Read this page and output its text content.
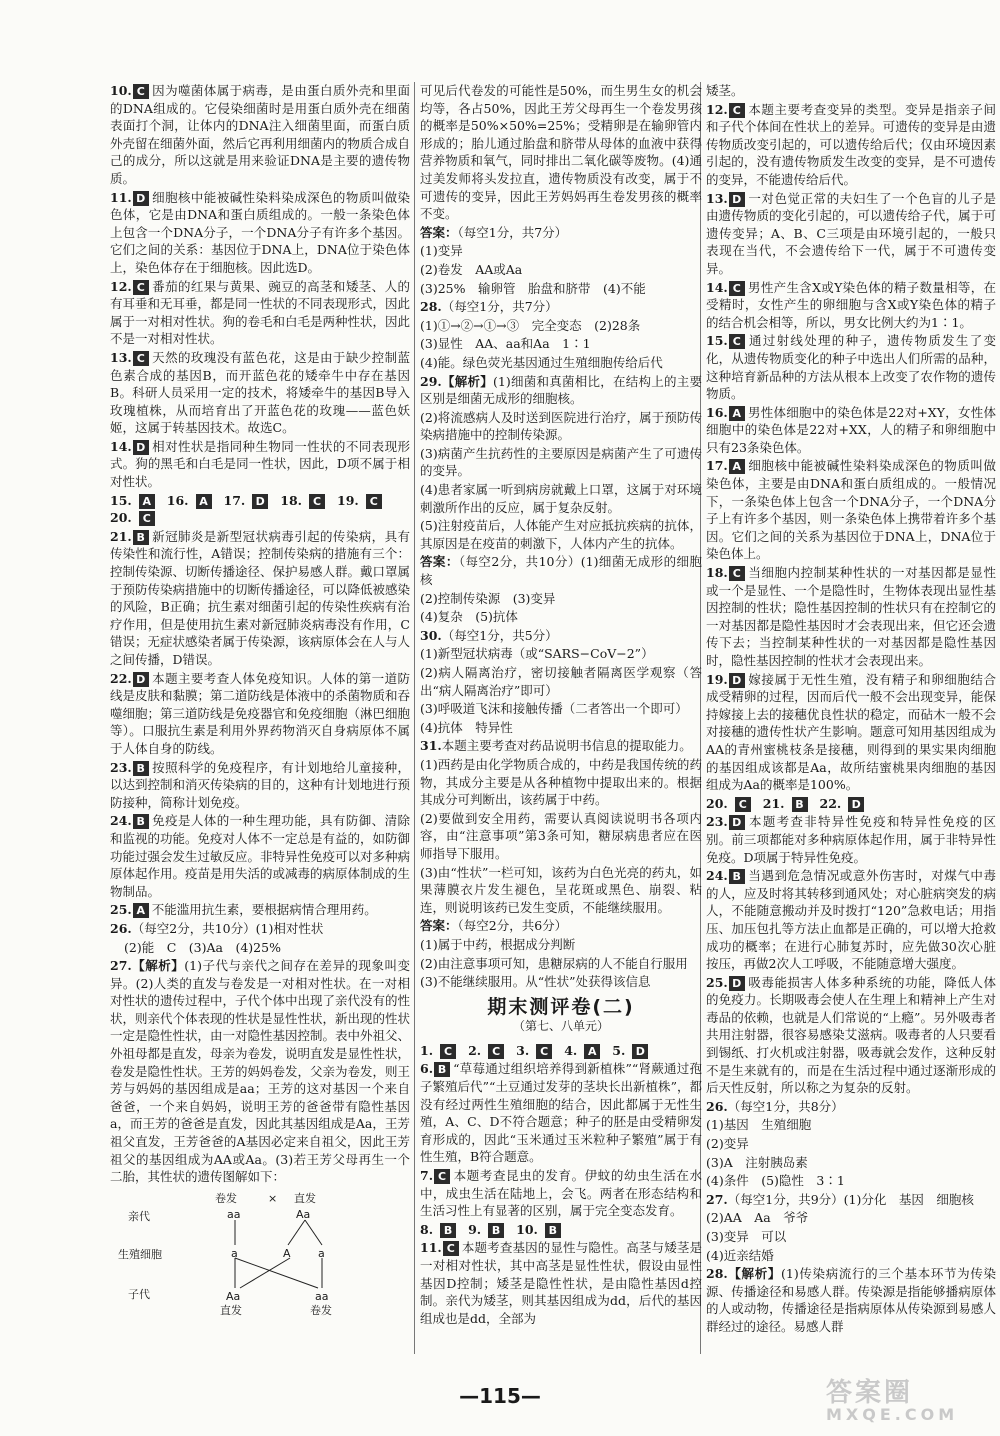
10. C 因为噬菌体属于病毒，是由蛋白质外壳和里面的DNA组成的。它侵染细菌时是用蛋白质外壳在细菌表面打个洞，让体内的DNA注入细菌里面，而蛋白质外壳留在细菌外面，然后它再利用细菌内的物质合成自己的成分，所以这就是用来验证DNA是主要的遗传物质。
11. D 细胞核中能被碱性染料染成深色的物质叫做染色体，它是由DNA和蛋白质组成的。一般一条染色体上包含一个DNA分子，一个DNA分子有许多个基因。它们之间的关系：基因位于DNA上，DNA位于染色体上，染色体存在于细胞核。因此选D。
12. C 番茄的红果与黄果、豌豆的高茎和矮茎、人的有耳垂和无耳垂，都是同一性状的不同表现形式，因此属于一对相对性状。狗的卷毛和白毛是两种性状，因此不是一对相对性状。
13. C 天然的玫瑰没有蓝色花，这是由于缺少控制蓝色素合成的基因B，而开蓝色花的矮牵牛中存在基因B。科研人员采用一定的技术，将矮牵牛的基因B导入玫瑰植株，从而培育出了开蓝色花的玫瑰——蓝色妖姬，这属于转基因技术。故选C。
14. D 相对性状是指同种生物同一性状的不同表现形式。狗的黑毛和白毛是同一性状，因此，D项不属于相对性状。
15. A 16. A 17. D 18. C 19. C20. C
21. B 新冠肺炎是新型冠状病毒引起的传染病，具有传染性和流行性，A错误；控制传染病的措施有三个：控制传染源、切断传播途径、保护易感人群。戴口罩属于预防传染病措施中的切断传播途径，可以降低被感染的风险，B正确；抗生素对细菌引起的传染性疾病有治疗作用，但是使用抗生素对新冠肺炎病毒没有作用，C错误；无症状感染者属于传染源，该病原体会在人与人之间传播，D错误。
22. D 本题主要考查人体免疫知识。人体的第一道防线是皮肤和黏膜；第二道防线是体液中的杀菌物质和吞噬细胞；第三道防线是免疫器官和免疫细胞（淋巴细胞等）。口服抗生素是利用外界药物消灭自身病原体不属于人体自身的防线。
23. B 按照科学的免疫程序，有计划地给儿童接种，以达到控制和消灭传染病的目的，这种有计划地进行预防接种，简称计划免疫。
24. B 免疫是人体的一种生理功能，具有防御、清除和监视的功能。免疫对人体不一定总是有益的，如防御功能过强会发生过敏反应。非特异性免疫可以对多种病原体起作用。疫苗是用失活的或减毒的病原体制成的生物制品。
25. A 不能滥用抗生素，要根据病情合理用药。
26.（每空2分，共10分）(1)相对性状
(2)能　C　(3)Aa　(4)25%
27.【解析】(1)子代与亲代之间存在差异的现象叫变异。(2)人类的直发与卷发是一对相对性状。在一对相对性状的遗传过程中，子代个体中出现了亲代没有的性状，则亲代个体表现的性状是显性性状，新出现的性状一定是隐性性状，由一对隐性基因控制。表中外祖父、外祖母都是直发，母亲为卷发，说明直发是显性性状，卷发是隐性性状。王芳的妈妈卷发，父亲为卷发，则王芳与妈妈的基因组成是aa；王芳的这对基因一个来自爸爸，一个来自妈妈，说明王芳的爸爸带有隐性基因a，而王芳的爸爸是直发，因此其基因组成是Aa，王芳祖父直发，王芳爸爸的A基因必定来自祖父，因此王芳祖父的基因组成为AA或Aa。(3)若王芳父母再生一个二胎，其性状的遗传图解如下：
卷发	× 直发
亲代	aa	Aa
生殖细胞	a	A a
子代	Aa	aa
直发	卷发
可见后代卷发的可能性是50%，而生男生女的机会均等，各占50%，因此王芳父母再生一个卷发男孩的概率是50%×50%=25%；受精卵是在输卵管内形成的；胎儿通过胎盘和脐带从母体的血液中获得营养物质和氧气，同时排出二氧化碳等废物。(4)通过美发师将头发拉直，遗传物质没有改变，属于不可遗传的变异，因此王芳妈妈再生卷发男孩的概率不变。
答案：（每空1分，共7分）
(1)变异
(2)卷发　AA或Aa
(3)25%　输卵管　胎盘和脐带　(4)不能
28.（每空1分，共7分）
(1)①→②→①→③　完全变态　(2)28条
(3)显性　AA、aa和Aa　1∶1
(4)能。绿色荧光基因通过生殖细胞传给后代
29.【解析】(1)细菌和真菌相比，在结构上的主要区别是细菌无成形的细胞核。
(2)将流感病人及时送到医院进行治疗，属于预防传染病措施中的控制传染源。
(3)病菌产生抗药性的主要原因是病菌产生了可遗传的变异。
(4)患者家属一听到病房就戴上口罩，这属于对环境刺激所作出的反应，属于复杂反射。
(5)注射疫苗后，人体能产生对应抵抗疾病的抗体，其原因是在疫苗的刺激下，人体内产生的抗体。
答案：（每空2分，共10分）(1)细菌无成形的细胞核
(2)控制传染源　(3)变异
(4)复杂　(5)抗体
30.（每空1分，共5分）
(1)新型冠状病毒（或“SARS−CoV−2”）
(2)病人隔离治疗，密切接触者隔离医学观察（答出“病人隔离治疗”即可）
(3)呼吸道飞沫和接触传播（二者答出一个即可）
(4)抗体　特异性
31.本题主要考查对药品说明书信息的提取能力。
(1)西药是由化学物质合成的，中药是我国传统的药物，其成分主要是从各种植物中提取出来的。根据其成分可判断出，该药属于中药。
(2)要做到安全用药，需要认真阅读说明书各项内容，由“注意事项”第3条可知，糖尿病患者应在医师指导下服用。
(3)由“性状”一栏可知，该药为白色光亮的药丸，如果薄膜衣片发生褪色，呈花斑或黑色、崩裂、粘连，则说明该药已发生变质，不能继续服用。
答案：（每空2分，共6分）
(1)属于中药，根据成分判断
(2)由注意事项可知，患糖尿病的人不能自行服用
(3)不能继续服用。从“性状”处获得该信息
期末测评卷(二)
（第七、八单元）
1. C 2. C 3. C 4. A 5. D
6. B “草莓通过组织培养得到新植株”“肾蕨通过孢子繁殖后代”“土豆通过发芽的茎块长出新植株”，都没有经过两性生殖细胞的结合，因此都属于无性生殖，A、C、D不符合题意；种子的胚是由受精卵发育形成的，因此“玉米通过玉米粒种子繁殖”属于有性生殖，B符合题意。
7. C 本题考查昆虫的发育。伊蚊的幼虫生活在水中，成虫生活在陆地上，会飞。两者在形态结构和生活习性上有显著的区别，属于完全变态发育。
8. B 9. B 10. B
11. C 本题考查基因的显性与隐性。高茎与矮茎是一对相对性状，其中高茎是显性性状，假设由显性基因D控制；矮茎是隐性性状，是由隐性基因d控制。亲代为矮茎，则其基因组成为dd，后代的基因组成也是dd，全部为
矮茎。
12. C 本题主要考查变异的类型。变异是指亲子间和子代个体间在性状上的差异。可遗传的变异是由遗传物质改变引起的，可以遗传给后代；仅由环境因素引起的，没有遗传物质发生改变的变异，是不可遗传的变异，不能遗传给后代。
13. D 一对色觉正常的夫妇生了一个色盲的儿子是由遗传物质的变化引起的，可以遗传给子代，属于可遗传变异；A、B、C三项是由环境引起的，一般只表现在当代，不会遗传给下一代，属于不可遗传变异。
14. C 男性产生含X或Y染色体的精子数量相等，在受精时，女性产生的卵细胞与含X或Y染色体的精子的结合机会相等，所以，男女比例大约为1∶1。
15. C 通过射线处理的种子，遗传物质发生了变化，从遗传物质变化的种子中选出人们所需的品种，这种培育新品种的方法从根本上改变了农作物的遗传物质。
16. A 男性体细胞中的染色体是22对+XY，女性体细胞中的染色体是22对+XX，人的精子和卵细胞中只有23条染色体。
17. A 细胞核中能被碱性染料染成深色的物质叫做染色体，主要是由DNA和蛋白质组成的。一般情况下，一条染色体上包含一个DNA分子，一个DNA分子上有许多个基因，则一条染色体上携带着许多个基因。它们之间的关系为基因位于DNA上，DNA位于染色体上。
18. C 当细胞内控制某种性状的一对基因都是显性或一个是显性、一个是隐性时，生物体表现出显性基因控制的性状；隐性基因控制的性状只有在控制它的一对基因都是隐性基因时才会表现出来，但它还会遗传下去；当控制某种性状的一对基因都是隐性基因时，隐性基因控制的性状才会表现出来。
19. D 嫁接属于无性生殖，没有精子和卵细胞结合成受精卵的过程，因而后代一般不会出现变异，能保持嫁接上去的接穗优良性状的稳定，而砧木一般不会对接穗的遗传性状产生影响。题意可知用基因组成为AA的青州蜜桃枝条是接穗，则得到的果实果肉细胞的基因组成该都是Aa，故所结蜜桃果肉细胞的基因组成为Aa的概率是100%。
20. C 21. B 22. D
23. D 本题考查非特异性免疫和特异性免疫的区别。前三项都能对多种病原体起作用，属于非特异性免疫。D项属于特异性免疫。
24. B 当遇到危急情况或意外伤害时，对煤气中毒的人，应及时将其转移到通风处；对心脏病突发的病人，不能随意搬动并及时拨打“120”急救电话；用指压、加压包扎等方法止血都是正确的，可以增大抢救成功的概率；在进行心肺复苏时，应先做30次心脏按压，再做2次人工呼吸，不能随意增大强度。
25. D 吸毒能损害人体多种系统的功能，降低人体的免疫力。长期吸毒会使人在生理上和精神上产生对毒品的依赖，也就是人们常说的“上瘾”。另外吸毒者共用注射器，很容易感染艾滋病。吸毒者的人只要看到锡纸、打火机或注射器，吸毒就会发作，这种反射不是生来就有的，而是在生活过程中通过逐渐形成的后天性反射，所以称之为复杂的反射。
26.（每空1分，共8分）
(1)基因　生殖细胞
(2)变异
(3)A　注射胰岛素
(4)条件　(5)隐性　3∶1
27.（每空1分，共9分）(1)分化　基因　细胞核
(2)AA　Aa　爷爷
(3)变异　可以
(4)近亲结婚
28.【解析】(1)传染病流行的三个基本环节为传染源、传播途径和易感人群。传染源是指能够播病原体的人或动物，传播途径是指病原体从传染源到易感人群经过的途径。易感人群
—115—	答案圈
MXQE.COM
